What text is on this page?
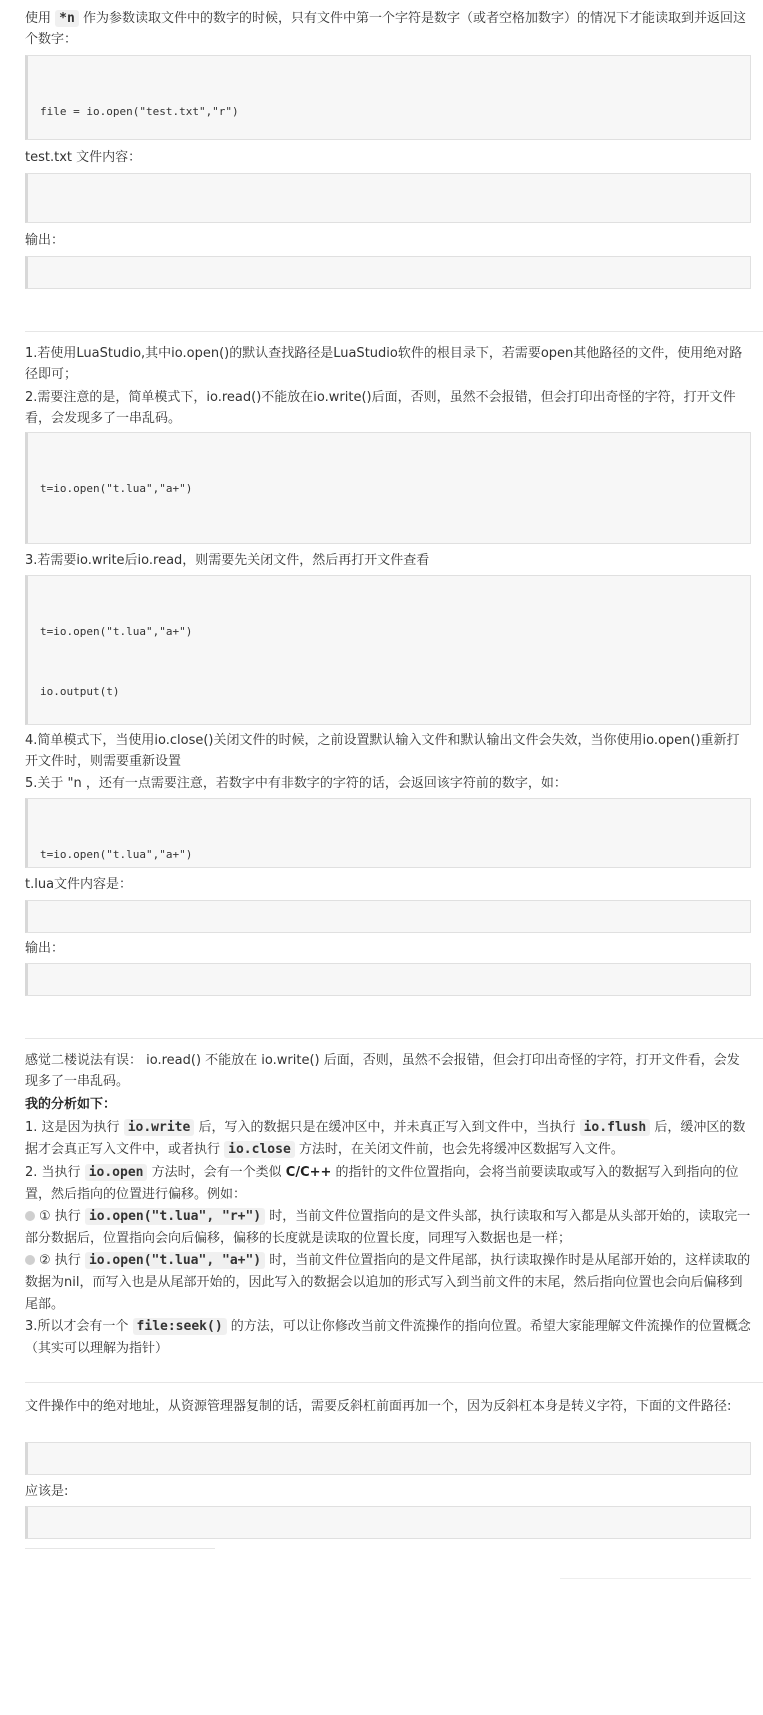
使用 *n 作为参数读取文件中的数字的时候，只有文件中第一个字符是数字（或者空格加数字）的情况下才能读取到并返回这个数字：

file = io.open("test.txt","r")

test.txt 文件内容：

输出：

1.若使用LuaStudio,其中io.open()的默认查找路径是LuaStudio软件的根目录下，若需要open其他路径的文件，使用绝对路径即可；

2.需要注意的是，简单模式下，io.read()不能放在io.write()后面，否则，虽然不会报错，但会打印出奇怪的字符，打开文件看，会发现多了一串乱码。

t=io.open("t.lua","a+")

3.若需要io.write后io.read，则需要先关闭文件，然后再打开文件查看

t=io.open("t.lua","a+")

io.output(t)

4.简单模式下，当使用io.close()关闭文件的时候，之前设置默认输入文件和默认输出文件会失效，当你使用io.open()重新打开文件时，则需要重新设置

5.关于 "n ，还有一点需要注意，若数字中有非数字的字符的话，会返回该字符前的数字，如：

t=io.open("t.lua","a+")

t.lua文件内容是：

输出：

感觉二楼说法有误： io.read() 不能放在 io.write() 后面，否则，虽然不会报错，但会打印出奇怪的字符，打开文件看，会发现多了一串乱码。

我的分析如下：

1. 这是因为执行 io.write 后，写入的数据只是在缓冲区中，并未真正写入到文件中，当执行 io.flush 后，缓冲区的数据才会真正写入文件中，或者执行 io.close 方法时，在关闭文件前，也会先将缓冲区数据写入文件。

2. 当执行 io.open 方法时，会有一个类似 C/C++ 的指针的文件位置指向，会将当前要读取或写入的数据写入到指向的位置，然后指向的位置进行偏移。例如：

① 执行 io.open("t.lua", "r+") 时，当前文件位置指向的是文件头部，执行读取和写入都是从头部开始的，读取完一部分数据后，位置指向会向后偏移，偏移的长度就是读取的位置长度，同理写入数据也是一样；

② 执行 io.open("t.lua", "a+") 时，当前文件位置指向的是文件尾部，执行读取操作时是从尾部开始的，这样读取的数据为nil，而写入也是从尾部开始的，因此写入的数据会以追加的形式写入到当前文件的末尾，然后指向位置也会向后偏移到尾部。

3.所以才会有一个 file:seek() 的方法，可以让你修改当前文件流操作的指向位置。希望大家能理解文件流操作的位置概念（其实可以理解为指针）

文件操作中的绝对地址，从资源管理器复制的话，需要反斜杠前面再加一个，因为反斜杠本身是转义字符，下面的文件路径:

应该是:
